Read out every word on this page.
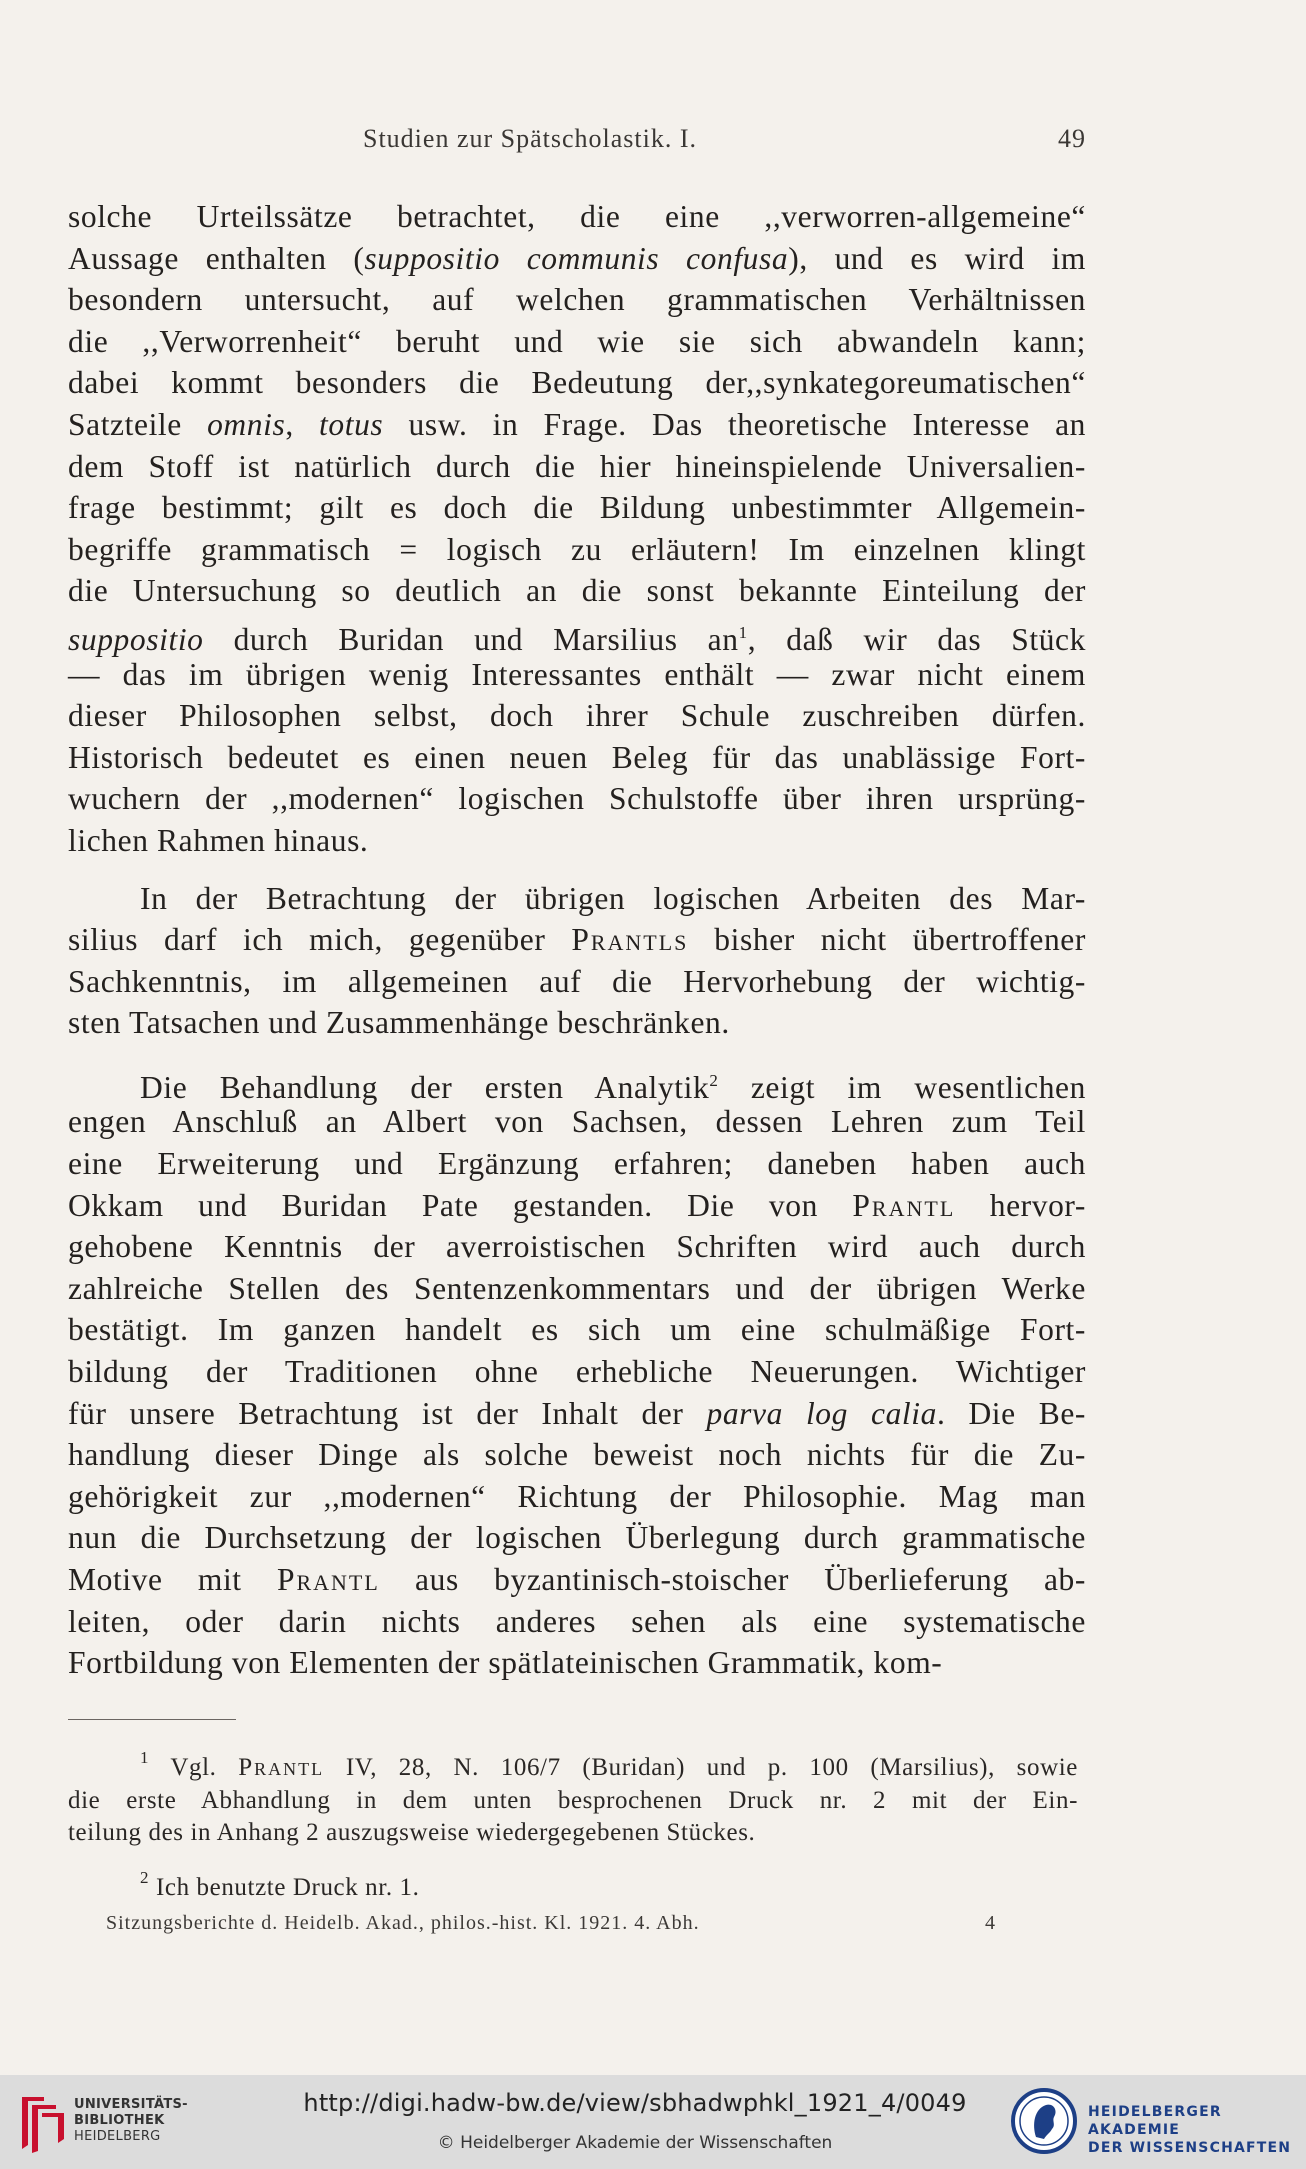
Studien zur Spätscholastik. I.	49
solche Urteilssätze betrachtet, die eine ,,verworren-allgemeine“
Aussage enthalten (suppositio communis confusa), und es wird im
besondern untersucht, auf welchen grammatischen Verhältnissen
die ,,Verworrenheit“ beruht und wie sie sich abwandeln kann;
dabei kommt besonders die Bedeutung der,,synkategoreumatischen“
Satzteile omnis, totus usw. in Frage. Das theoretische Interesse an
dem Stoff ist natürlich durch die hier hineinspielende Universalien-
frage bestimmt; gilt es doch die Bildung unbestimmter Allgemein-
begriffe grammatisch = logisch zu erläutern! Im einzelnen klingt
die Untersuchung so deutlich an die sonst bekannte Einteilung der
suppositio durch Buridan und Marsilius $an^1$, daß wir das Stück
— das im übrigen wenig Interessantes enthält — zwar nicht einem
dieser Philosophen selbst, doch ihrer Schule zuschreiben dürfen.
Historisch bedeutet es einen neuen Beleg für das unablässige Fort-
wuchern der ,,modernen“ logischen Schulstoffe über ihren ursprüng-
lichen Rahmen hinaus.
In der Betrachtung der übrigen logischen Arbeiten des Mar-
silius darf ich mich, gegenüber Prantls bisher nicht übertroffener
Sachkenntnis, im allgemeinen auf die Hervorhebung der wichtig-
sten Tatsachen und Zusammenhänge beschränken.
Die Behandlung der ersten Analytik$^2$ zeigt im wesentlichen
engen Anschluß an Albert von Sachsen, dessen Lehren zum Teil
eine Erweiterung und Ergänzung erfahren; daneben haben auch
Okkam und Buridan Pate gestanden. Die von Prantl hervor-
gehobene Kenntnis der averroistischen Schriften wird auch durch
zahlreiche Stellen des Sentenzenkommentars und der übrigen Werke
bestätigt. Im ganzen handelt es sich um eine schulmäßige Fort-
bildung der Traditionen ohne erhebliche Neuerungen. Wichtiger
für unsere Betrachtung ist der Inhalt der parva log calia. Die Be-
handlung dieser Dinge als solche beweist noch nichts für die Zu-
gehörigkeit zur ,,modernen“ Richtung der Philosophie. Mag man
nun die Durchsetzung der logischen Überlegung durch grammatische
Motive mit Prantl aus byzantinisch-stoischer Überlieferung ab-
leiten, oder darin nichts anderes sehen als eine systematische
Fortbildung von Elementen der spätlateinischen Grammatik, kom-
$^1$ Vgl. Prantl IV, 28, N. 106/7 (Buridan) und p. 100 (Marsilius), sowie
die erste Abhandlung in dem unten besprochenen Druck nr. 2 mit der Ein-
teilung des in Anhang 2 auszugsweise wiedergegebenen Stückes.
$^2$ Ich benutzte Druck nr. 1.
Sitzungsberichte d. Heidelb. Akad., philos.-hist. Kl. 1921. 4. Abh.	4
UNIVERSITÄTS-
BIBLIOTHEK
HEIDELBERG
http://digi.hadw-bw.de/view/sbhadwphkl_1921_4/0049
© Heidelberger Akademie der Wissenschaften
HEIDELBERGER AKADEMIE
DER WISSENSCHAFTEN
